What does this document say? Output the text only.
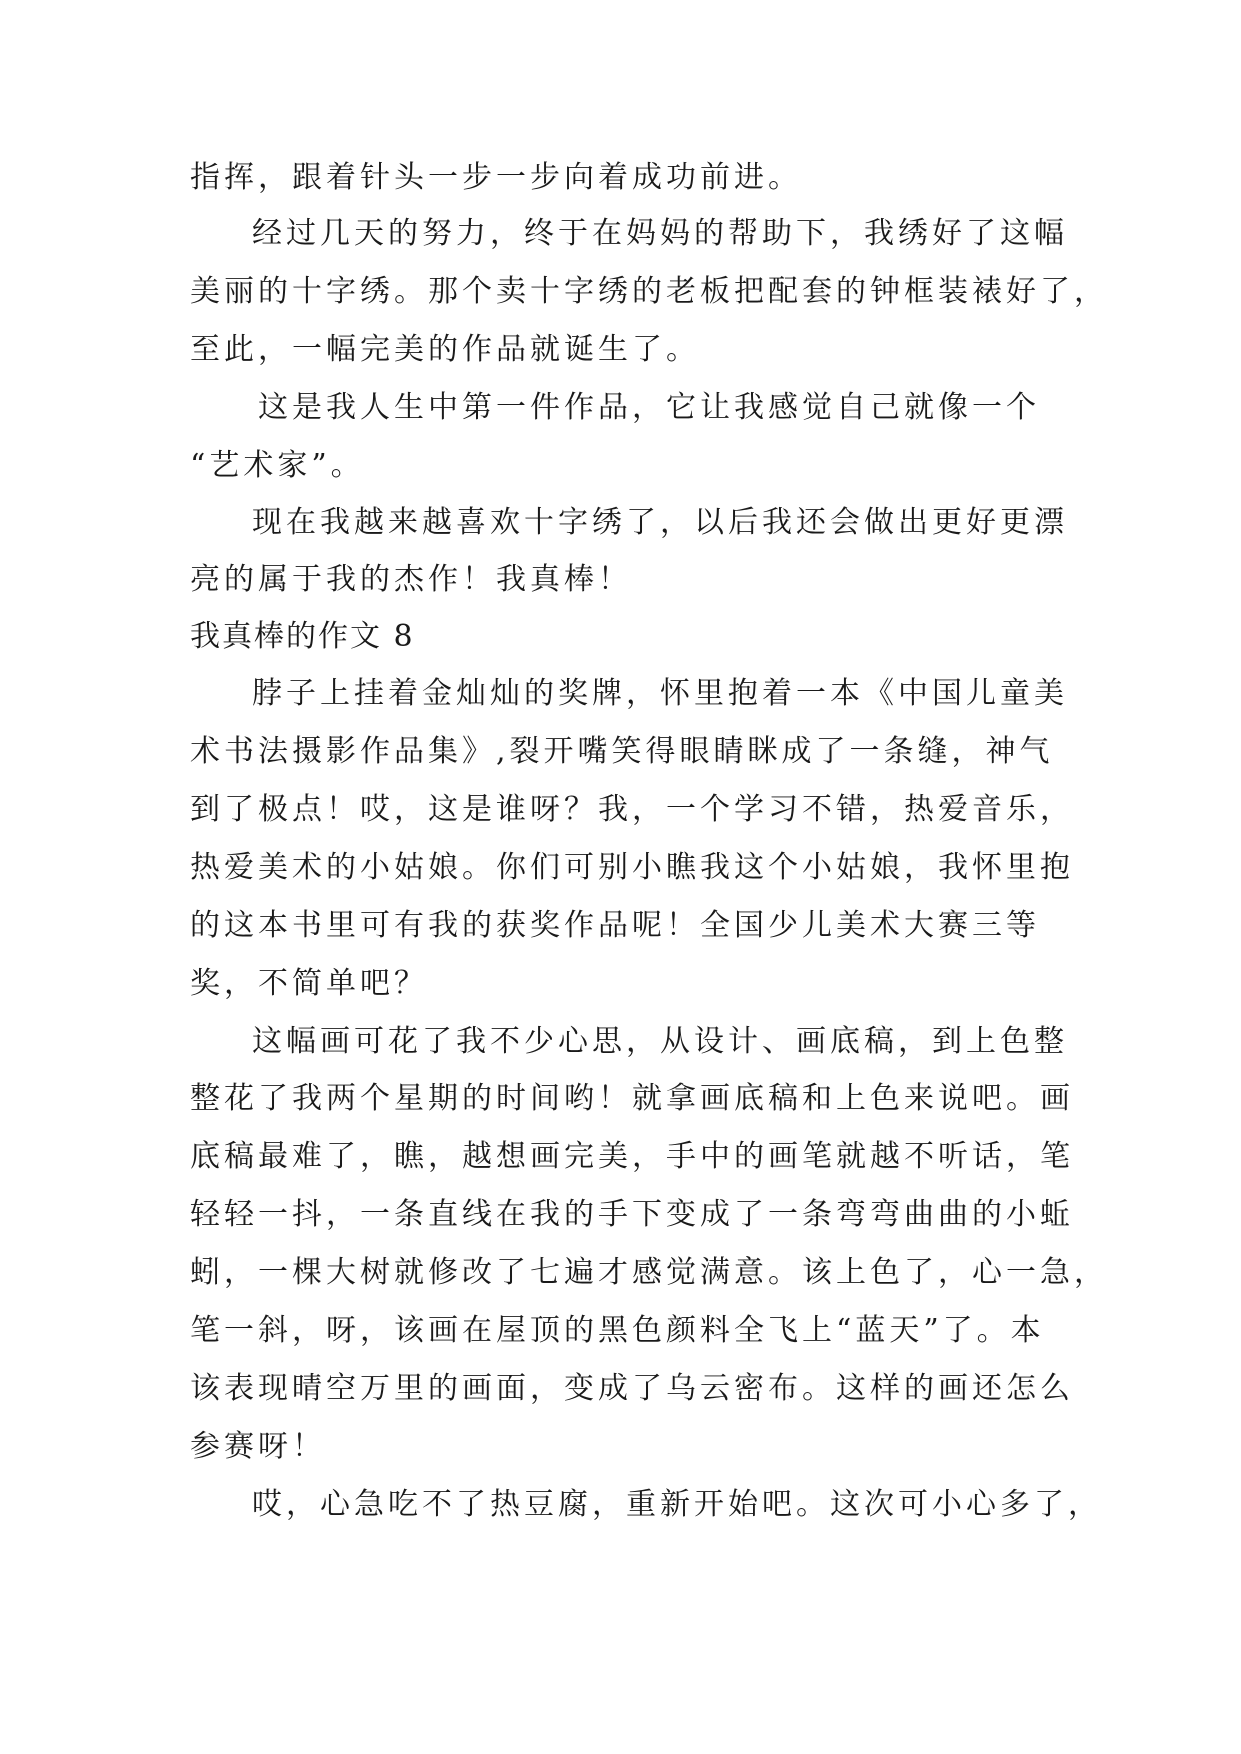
指挥，跟着针头一步一步向着成功前进。
经过几天的努力，终于在妈妈的帮助下，我绣好了这幅
美丽的十字绣。那个卖十字绣的老板把配套的钟框装裱好了，
至此，一幅完美的作品就诞生了。
这是我人生中第一件作品，它让我感觉自己就像一个
“艺术家”。
现在我越来越喜欢十字绣了，以后我还会做出更好更漂
亮的属于我的杰作！我真棒！
我真棒的作文 8
脖子上挂着金灿灿的奖牌，怀里抱着一本《中国儿童美
术书法摄影作品集》,裂开嘴笑得眼睛眯成了一条缝，神气
到了极点！哎，这是谁呀？我，一个学习不错，热爱音乐，
热爱美术的小姑娘。你们可别小瞧我这个小姑娘，我怀里抱
的这本书里可有我的获奖作品呢！全国少儿美术大赛三等
奖，不简单吧？
这幅画可花了我不少心思，从设计、画底稿，到上色整
整花了我两个星期的时间哟！就拿画底稿和上色来说吧。画
底稿最难了，瞧，越想画完美，手中的画笔就越不听话，笔
轻轻一抖，一条直线在我的手下变成了一条弯弯曲曲的小蚯
蚓，一棵大树就修改了七遍才感觉满意。该上色了，心一急，
笔一斜，呀，该画在屋顶的黑色颜料全飞上“蓝天”了。本
该表现晴空万里的画面，变成了乌云密布。这样的画还怎么
参赛呀！
哎，心急吃不了热豆腐，重新开始吧。这次可小心多了，
